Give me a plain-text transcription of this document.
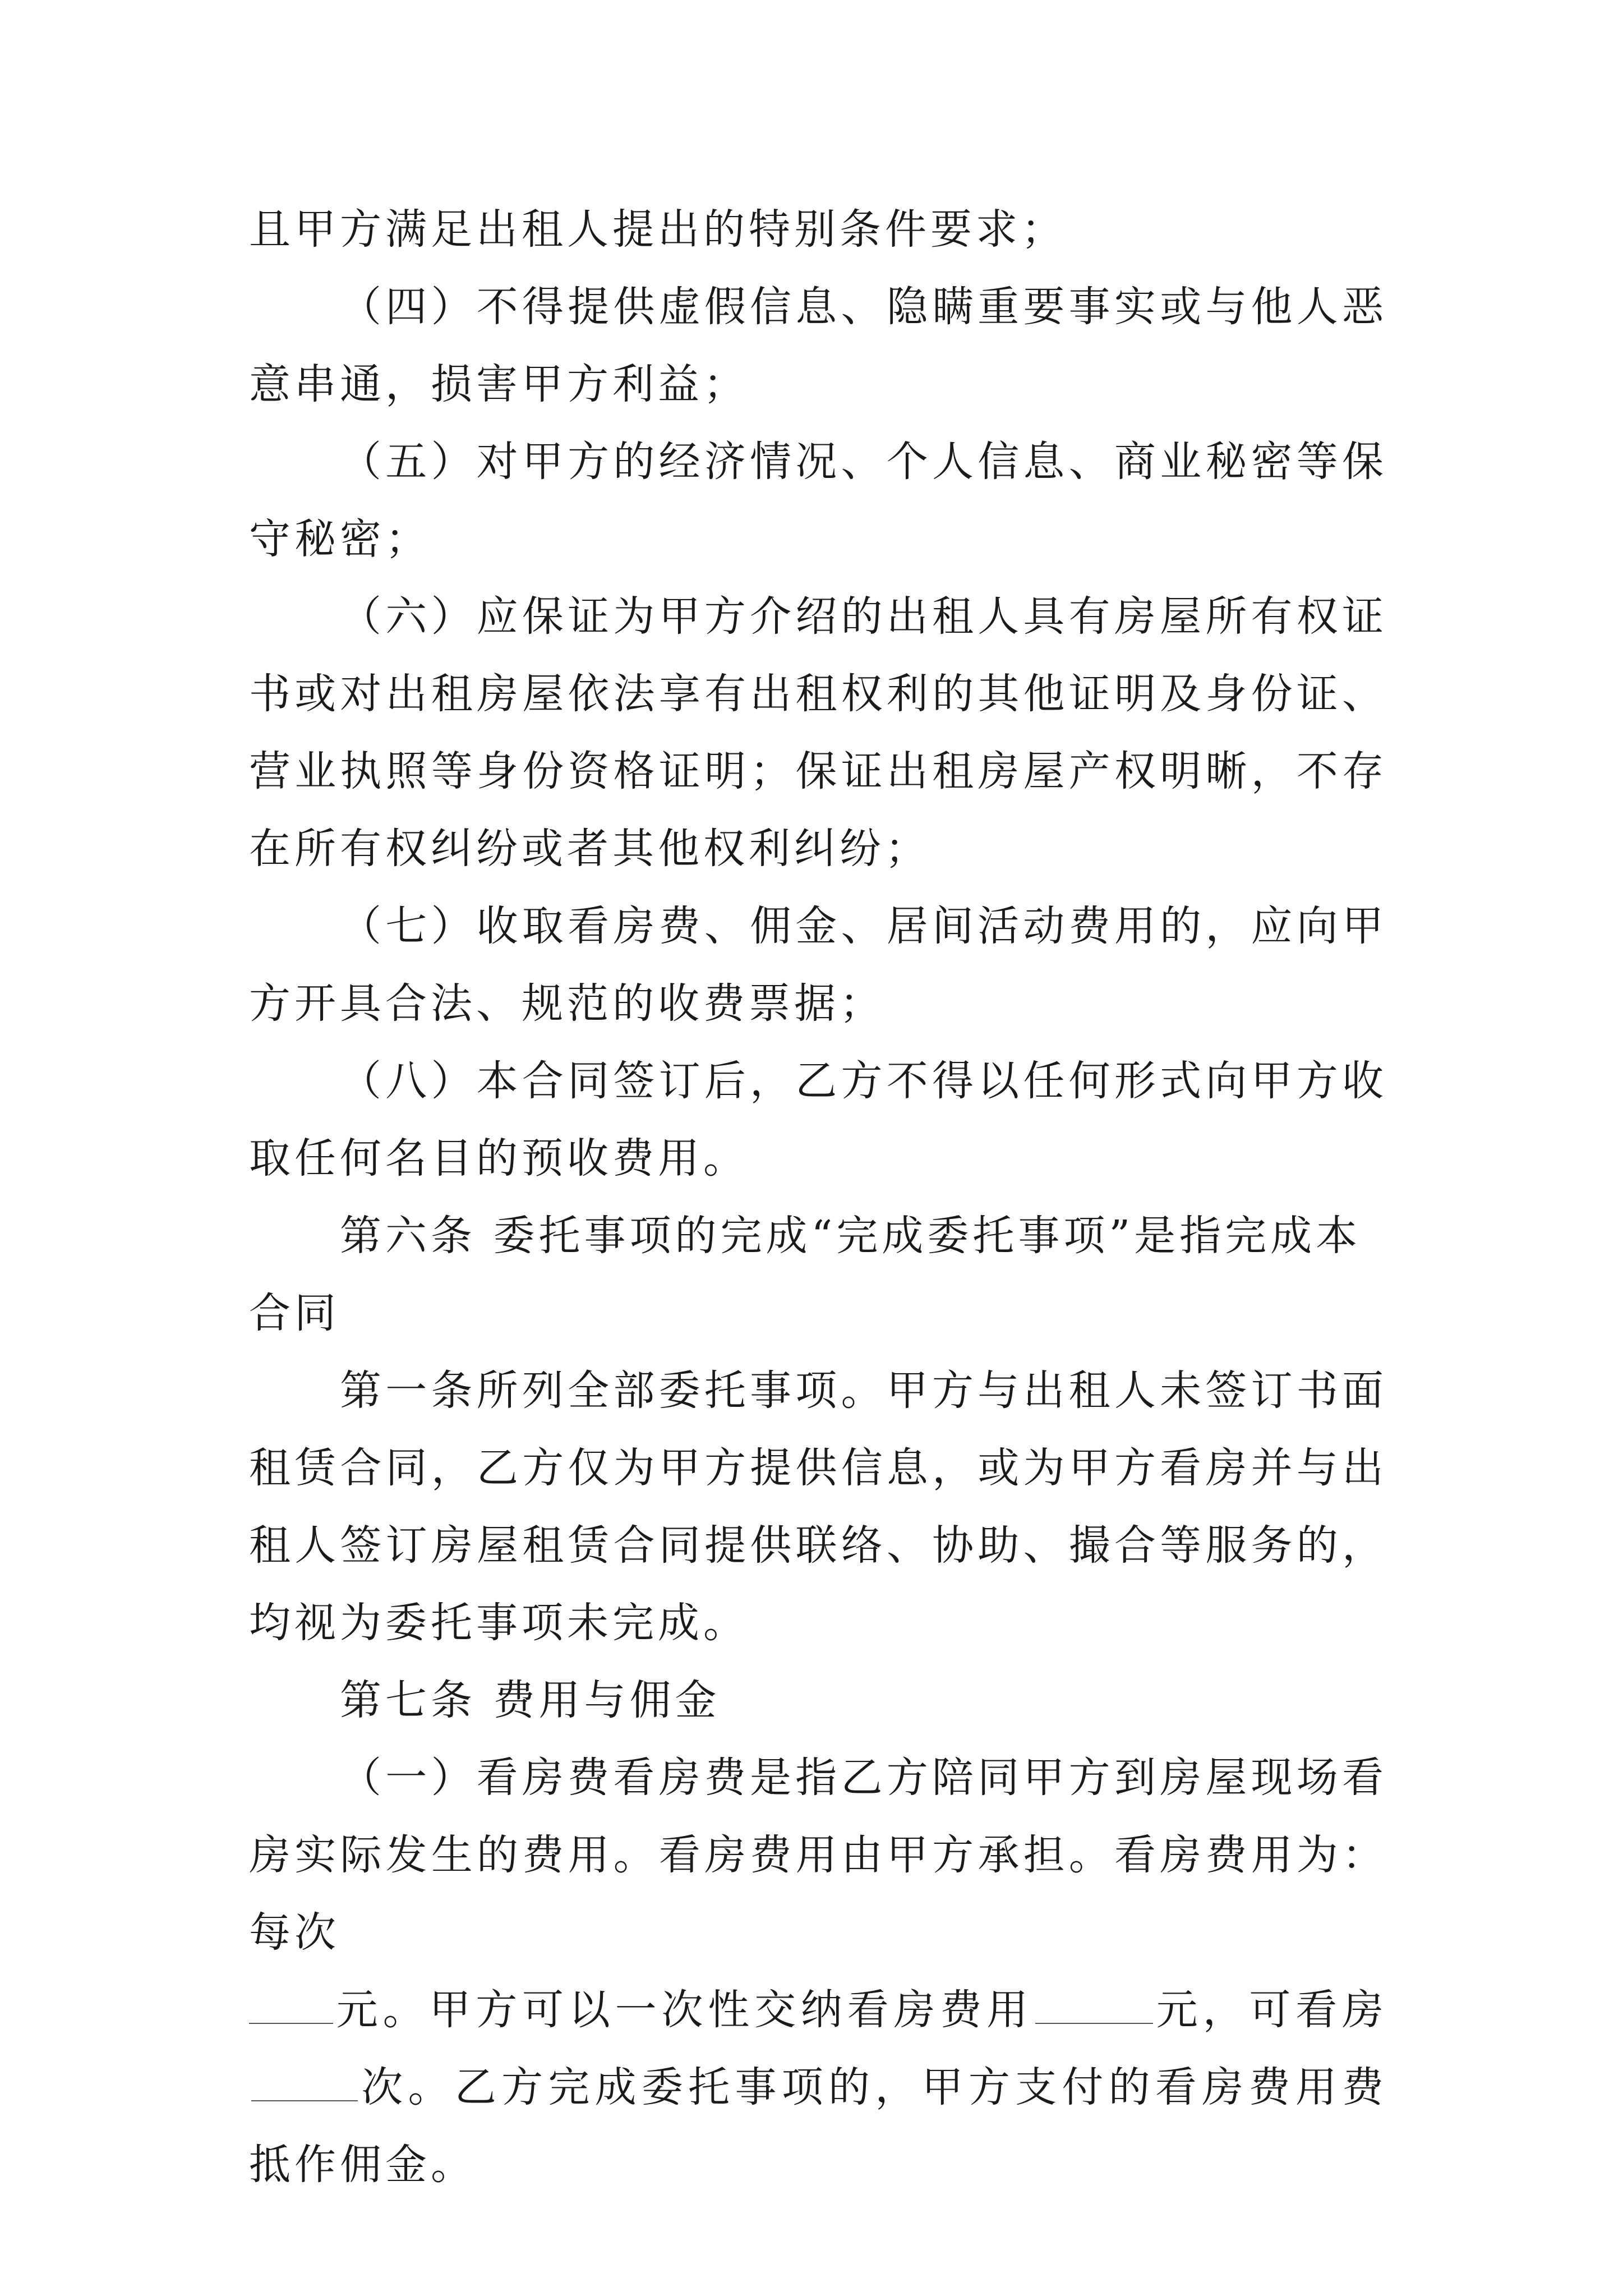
且甲方满足出租人提出的特别条件要求；

（四）不得提供虚假信息、隐瞒重要事实或与他人恶意串通，损害甲方利益；

（五）对甲方的经济情况、个人信息、商业秘密等保守秘密；

（六）应保证为甲方介绍的出租人具有房屋所有权证书或对出租房屋依法享有出租权利的其他证明及身份证、营业执照等身份资格证明；保证出租房屋产权明晰，不存在所有权纠纷或者其他权利纠纷；

（七）收取看房费、佣金、居间活动费用的，应向甲方开具合法、规范的收费票据；

（八）本合同签订后，乙方不得以任何形式向甲方收取任何名目的预收费用。

第六条 委托事项的完成“完成委托事项”是指完成本

合同

第一条所列全部委托事项。甲方与出租人未签订书面租赁合同，乙方仅为甲方提供信息，或为甲方看房并与出租人签订房屋租赁合同提供联络、协助、撮合等服务的，均视为委托事项未完成。

第七条 费用与佣金

（一）看房费看房费是指乙方陪同甲方到房屋现场看房实际发生的费用。看房费用由甲方承担。看房费用为：每次

元。甲方可以一次性交纳看房费用	元，可看房次。乙方完成委托事项的，甲方支付的看房费用费抵作佣金。
